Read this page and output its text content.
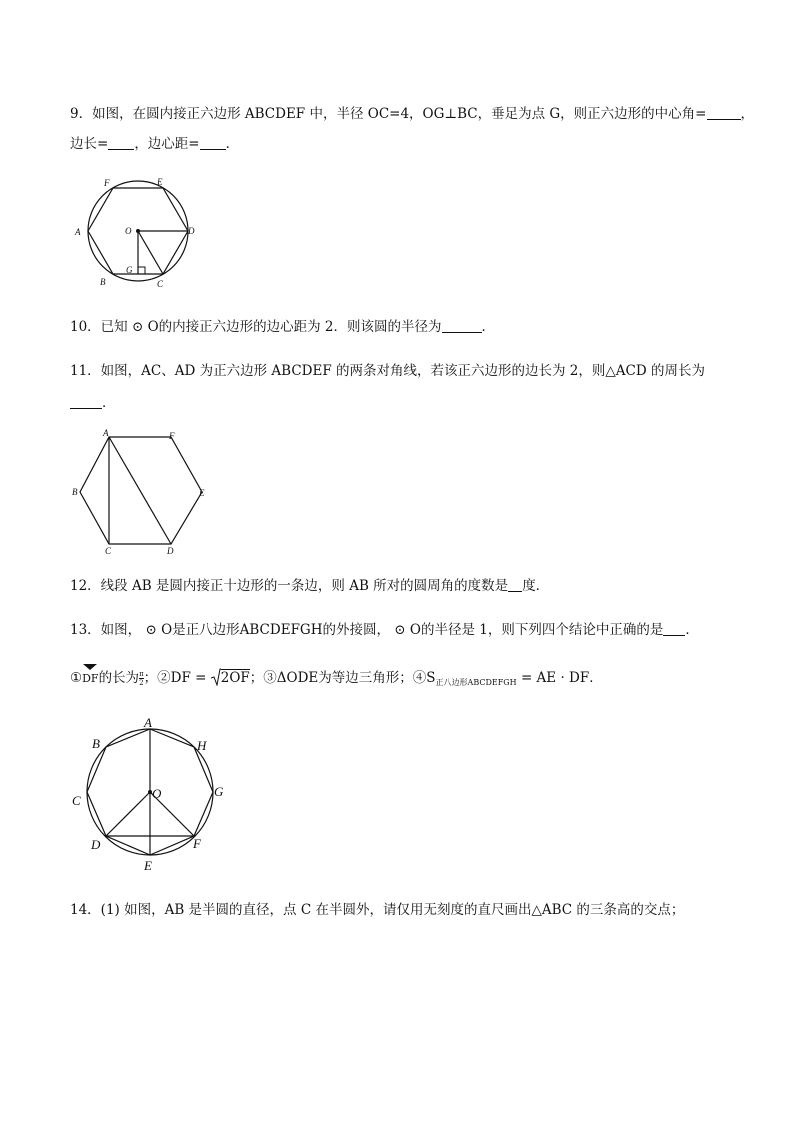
9．如图，在圆内接正六边形 ABCDEF 中，半径 OC=4，OG⊥BC，垂足为点 G，则正六边形的中心角=	，
边长= ，边心距= ．
F	E
A	O	D
G
B	C
10．已知 ⊙ O的内接正六边形的边心距为 2．则该圆的半径为	．
11．如图，AC、AD 为正六边形 ABCDEF 的两条对角线，若该正六边形的边长为 2，则△ACD 的周长为
．
A	F
B	E
C	D
12．线段 AB 是圆内接正十边形的一条边，则 AB 所对的圆周角的度数是 度．
13．如图， ⊙ O是正八边形ABCDEFGH的外接圆， ⊙ O的半径是 1，则下列四个结论中正确的是 ．
①
DF的长为 $\frac{\pi}{2}$ ；②DF = 2OF；③ΔODE为等边三角形；$④S_{正八边形ABCDEFGH}$ = AE · DF．
A
B	H
C	O	G
D	F
E
14．(1) 如图，AB 是半圆的直径，点 C 在半圆外，请仅用无刻度的直尺画出△ABC 的三条高的交点；
